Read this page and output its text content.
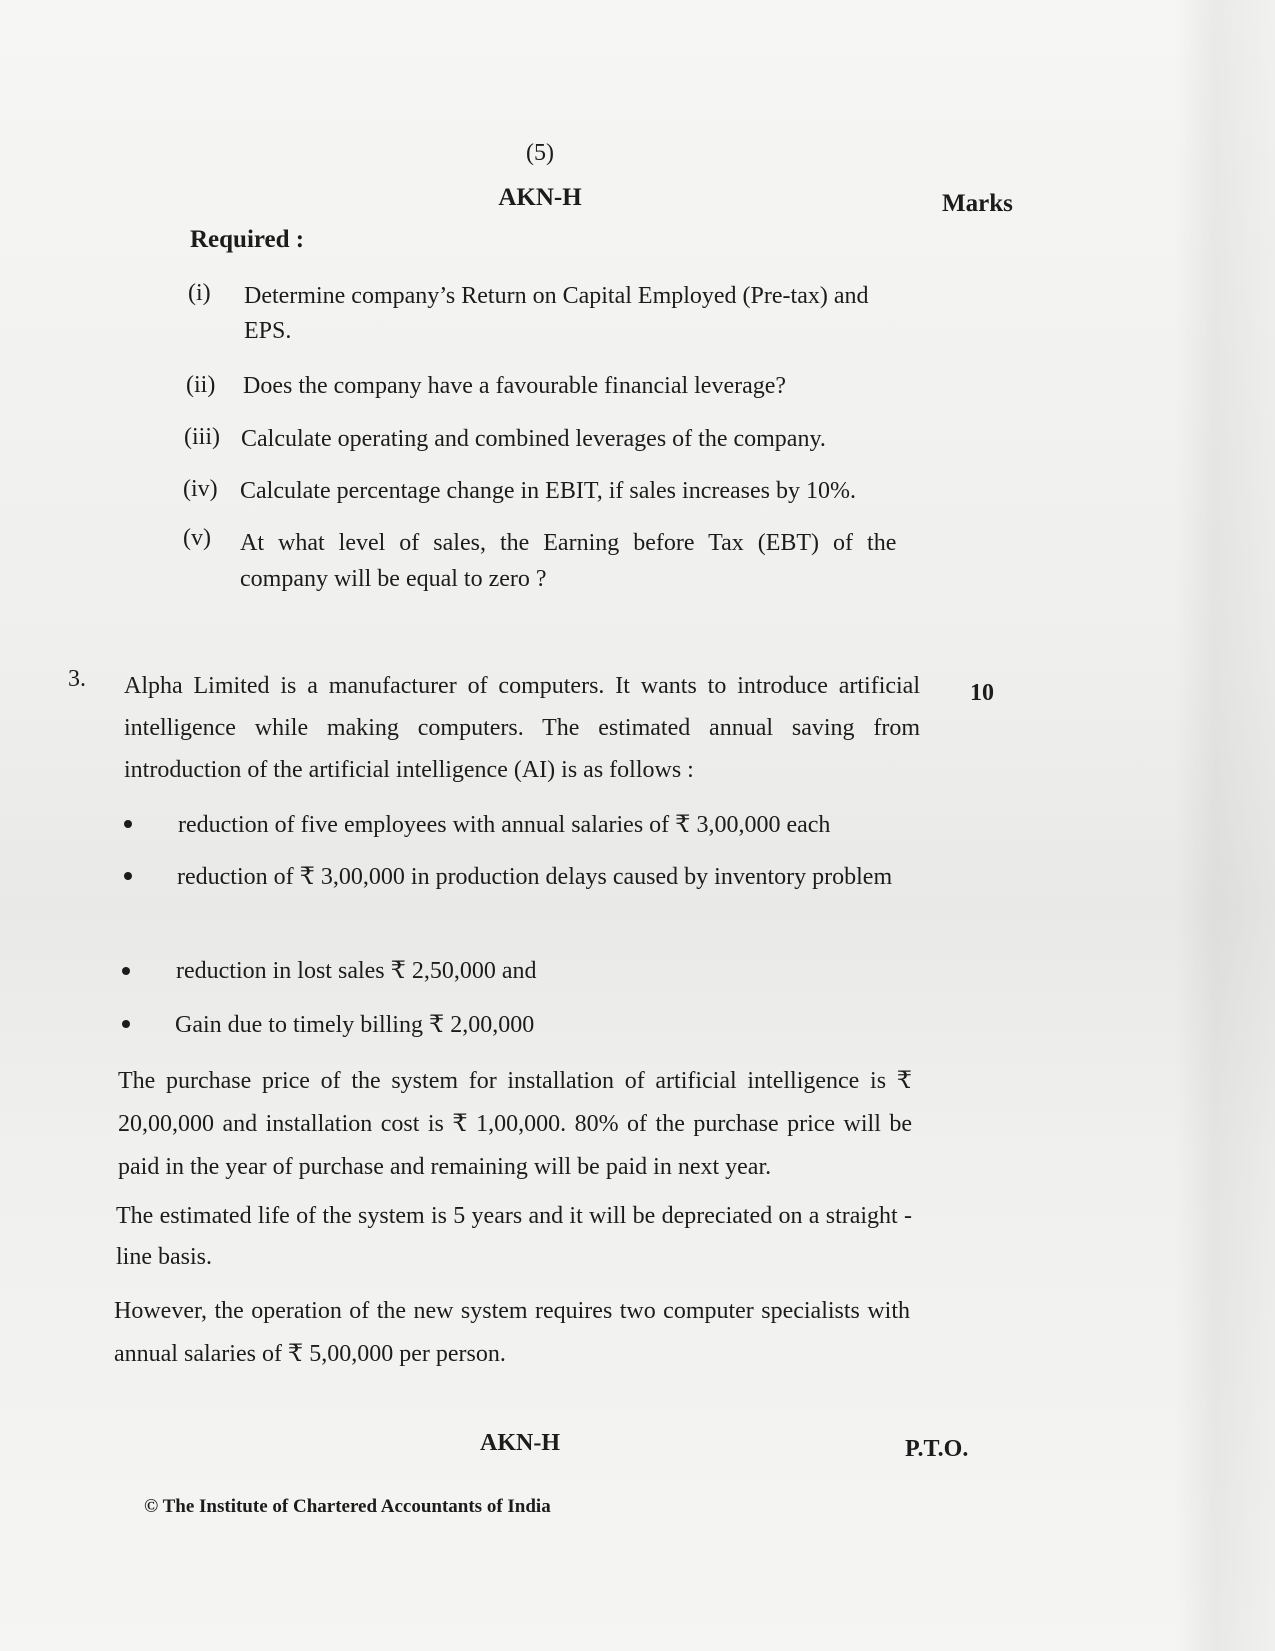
(5)
AKN-H	Marks
Required :
(i) Determine company’s Return on Capital Employed (Pre-tax) and
EPS.
(ii) Does the company have a favourable financial leverage?
(iii) Calculate operating and combined leverages of the company.
(iv) Calculate percentage change in EBIT, if sales increases by 10%.
(v) At what level of sales, the Earning before Tax (EBT) of the
company will be equal to zero ?
3.
10
Alpha Limited is a manufacturer of computers. It wants to introduce artificial intelligence while making computers. The estimated annual saving from introduction of the artificial intelligence (AI) is as follows :
reduction of five employees with annual salaries of ₹ 3,00,000 each
reduction of ₹ 3,00,000 in production delays caused by inventory problem
reduction in lost sales ₹ 2,50,000 and
Gain due to timely billing ₹ 2,00,000
The purchase price of the system for installation of artificial intelligence is ₹ 20,00,000 and installation cost is ₹ 1,00,000. 80% of the purchase price will be paid in the year of purchase and remaining will be paid in next year.
The estimated life of the system is 5 years and it will be depreciated on a straight -line basis.
However, the operation of the new system requires two computer specialists with annual salaries of ₹ 5,00,000 per person.
AKN-H	P.T.O.
© The Institute of Chartered Accountants of India
